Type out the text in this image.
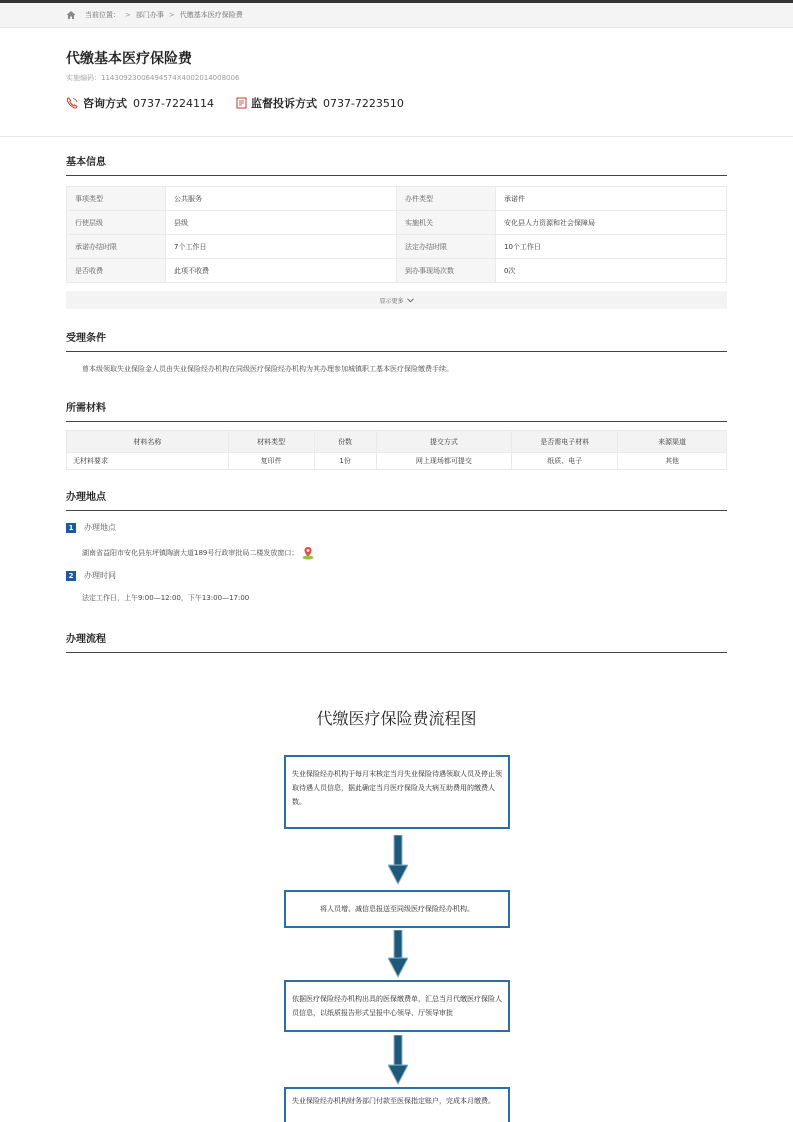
当前位置： > 部门办事 > 代缴基本医疗保险费
代缴基本医疗保险费
实施编码：11430923006494574X4002014008006
咨询方式 0737-7224114	监督投诉方式 0737-7223510
基本信息
事项类型	公共服务	办件类型	承诺件
行使层级	县级	实施机关	安化县人力资源和社会保障局
承诺办结时限	7个工作日	法定办结时限	10个工作日
是否收费	此项不收费	到办事现场次数	0次
显示更多
受理条件
曾本级领取失业保险金人员由失业保险经办机构在同级医疗保险经办机构为其办理参加城镇职工基本医疗保险缴费手续。
所需材料
材料名称	材料类型	份数	提交方式	是否需电子材料	来源渠道
无材料要求	复印件	1份	网上现场都可提交	纸质、电子	其他
办理地点
1	办理地点
湖南省益阳市安化县东坪镇陶澍大道189号行政审批局二楼发放窗口；
2	办理时间
法定工作日，上午9:00—12:00，下午13:00—17:00
办理流程
代缴医疗保险费流程图
失业保险经办机构于每月末核定当月失业保险待遇领取人员及停止领取待遇人员信息，据此确定当月医疗保险及大病互助费用的缴费人数。
将人员增、减信息报送至同级医疗保险经办机构。
依据医疗保险经办机构出具的医保缴费单，汇总当月代缴医疗保险人员信息，以纸质报告形式呈报中心领导、厅领导审批
失业保险经办机构财务部门付款至医保指定账户，完成本月缴费。
